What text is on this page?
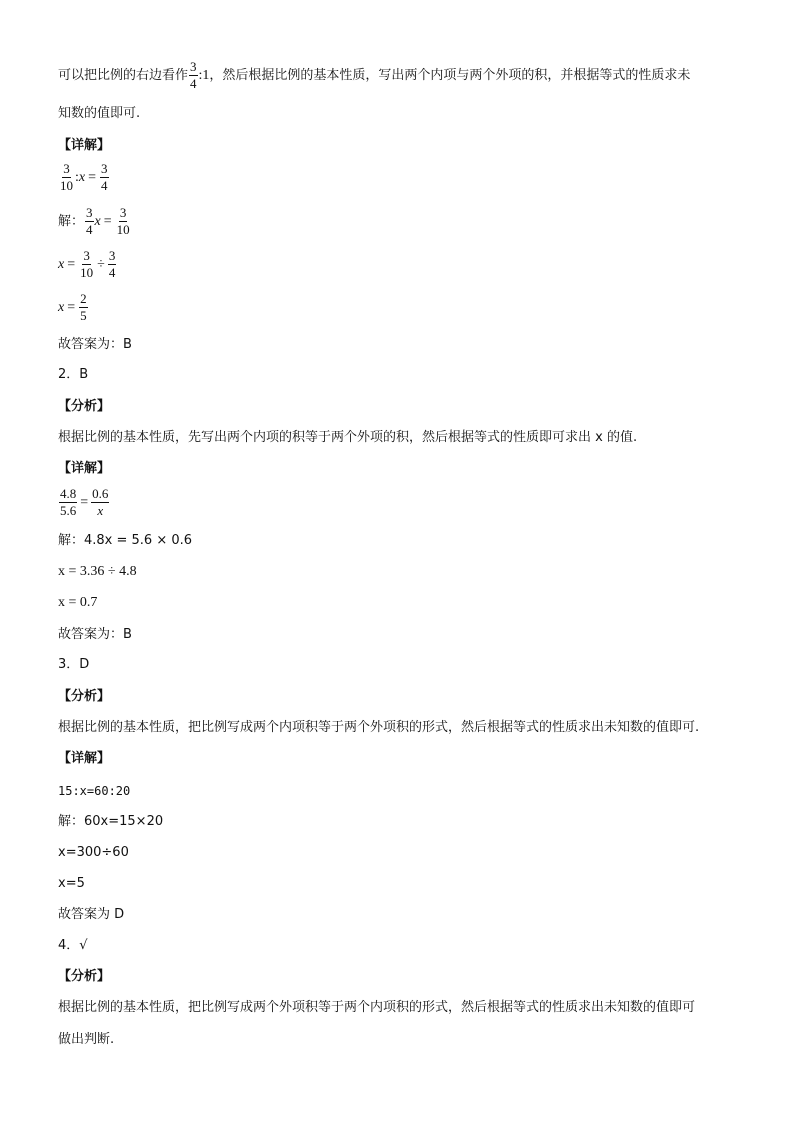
可以把比例的右边看作 $\frac{3}{4}$ :1 ，然后根据比例的基本性质，写出两个内项与两个外项的积，并根据等式的性质求未
知数的值即可.
【详解】
$\frac{3}{10}$ : $x = \frac{3}{4}$
解： $\frac{3}{4}$ $x = \frac{3}{10}$
$x = \frac{3}{10} \div \frac{3}{4}$
$x = \frac{2}{5}$
故答案为：B
2．B
【分析】
根据比例的基本性质，先写出两个内项的积等于两个外项的积，然后根据等式的性质即可求出 x 的值.
【详解】
$\frac{4.8}{5.6} = \frac{0.6}{x}$
解：4.8x = 5.6 × 0.6
x = 3.36 ÷ 4.8
x = 0.7
故答案为：B
3．D
【分析】
根据比例的基本性质，把比例写成两个内项积等于两个外项积的形式，然后根据等式的性质求出未知数的值即可.
【详解】
15:x=60:20
解：60x=15×20
x=300÷60
x=5
故答案为 D
4．√
【分析】
根据比例的基本性质，把比例写成两个外项积等于两个内项积的形式，然后根据等式的性质求出未知数的值即可
做出判断.
